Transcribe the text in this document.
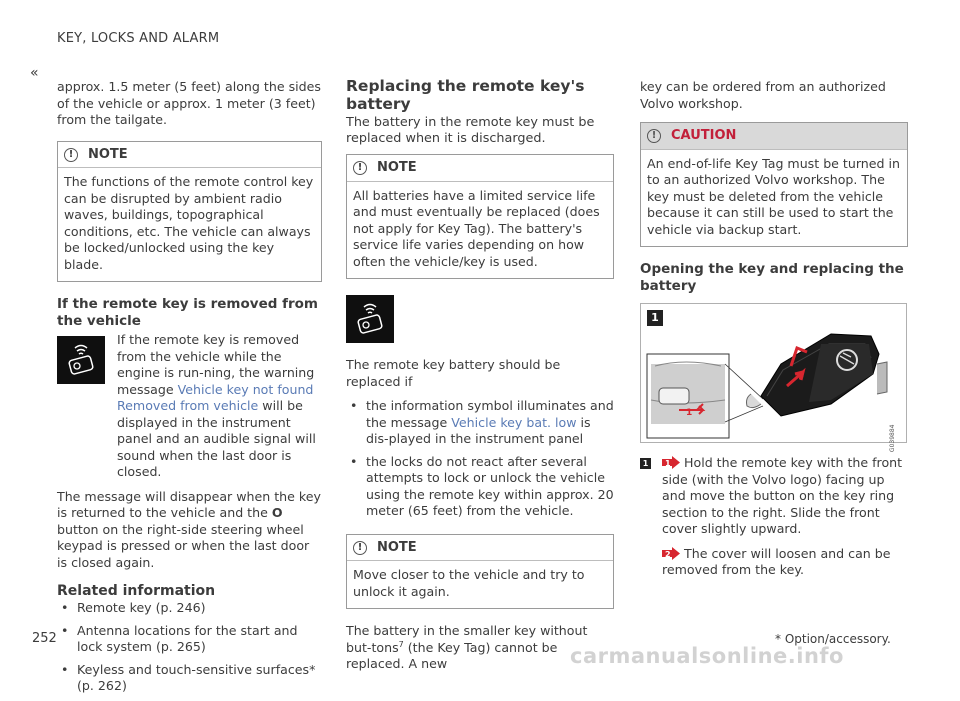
KEY, LOCKS AND ALARM
«

approx. 1.5 meter (5 feet) along the sides of the vehicle or approx. 1 meter (3 feet) from the tailgate.

!	NOTE
The functions of the remote control key can be disrupted by ambient radio waves, buildings, topographical conditions, etc. The vehicle can always be locked/unlocked using the key blade.
If the remote key is removed from the vehicle

If the remote key is removed from the vehicle while the engine is run-ning, the warning message Vehicle key not found Removed from vehicle will be displayed in the instrument panel and an audible signal will sound when the last door is closed.

The message will disappear when the key is returned to the vehicle and the O button on the right-side steering wheel keypad is pressed or when the last door is closed again.

Related information
• Remote key (p. 246)
• Antenna locations for the start and lock system (p. 265)
• Keyless and touch-sensitive surfaces* (p. 262)
Replacing the remote key's battery
The battery in the remote key must be replaced when it is discharged.
!	NOTE
All batteries have a limited service life and must eventually be replaced (does not apply for Key Tag). The battery's service life varies depending on how often the vehicle/key is used.

The remote key battery should be replaced if

• the information symbol illuminates and the message Vehicle key bat. low is dis-played in the instrument panel
• the locks do not react after several attempts to lock or unlock the vehicle using the remote key within approx. 20 meter (65 feet) from the vehicle.
!	NOTE
Move closer to the vehicle and try to unlock it again.

The battery in the smaller key without but-tons$^7$ (the Key Tag) cannot be replaced. A new

key can be ordered from an authorized Volvo workshop.

!	CAUTION
An end-of-life Key Tag must be turned in to an authorized Volvo workshop. The key must be deleted from the vehicle because it can still be used to start the vehicle via backup start.
Opening the key and replacing the battery
1
1
2
G039884
1	1 Hold the remote key with the front side (with the Volvo logo) facing up and move the button on the key ring section to the right. Slide the front cover slightly upward.

2 The cover will loosen and can be removed from the key.

252	* Option/accessory.
carmanualsonline.info
